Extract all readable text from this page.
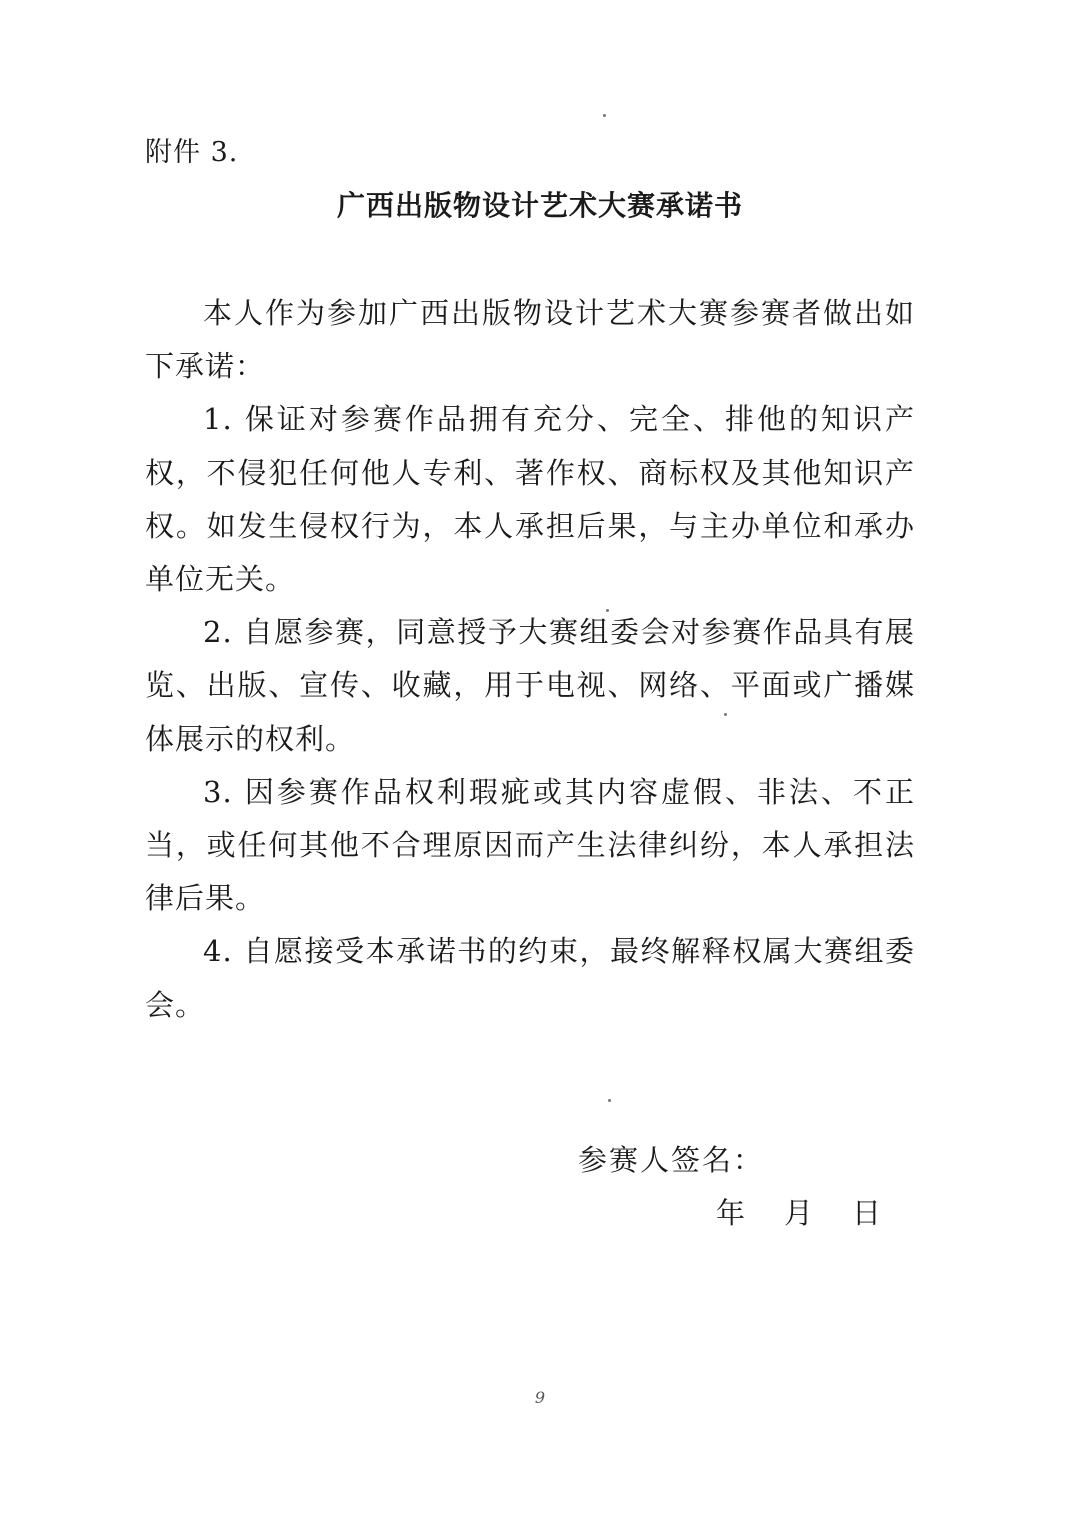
附件 3.
广西出版物设计艺术大赛承诺书

本人作为参加广西出版物设计艺术大赛参赛者做出如下承诺：

1. 保证对参赛作品拥有充分、完全、排他的知识产权，不侵犯任何他人专利、著作权、商标权及其他知识产权。如发生侵权行为，本人承担后果，与主办单位和承办单位无关。

2. 自愿参赛，同意授予大赛组委会对参赛作品具有展览、出版、宣传、收藏，用于电视、网络、平面或广播媒体展示的权利。

3. 因参赛作品权利瑕疵或其内容虚假、非法、不正当，或任何其他不合理原因而产生法律纠纷，本人承担法律后果。

4. 自愿接受本承诺书的约束，最终解释权属大赛组委会。

参赛人签名：
年 月 日
9
